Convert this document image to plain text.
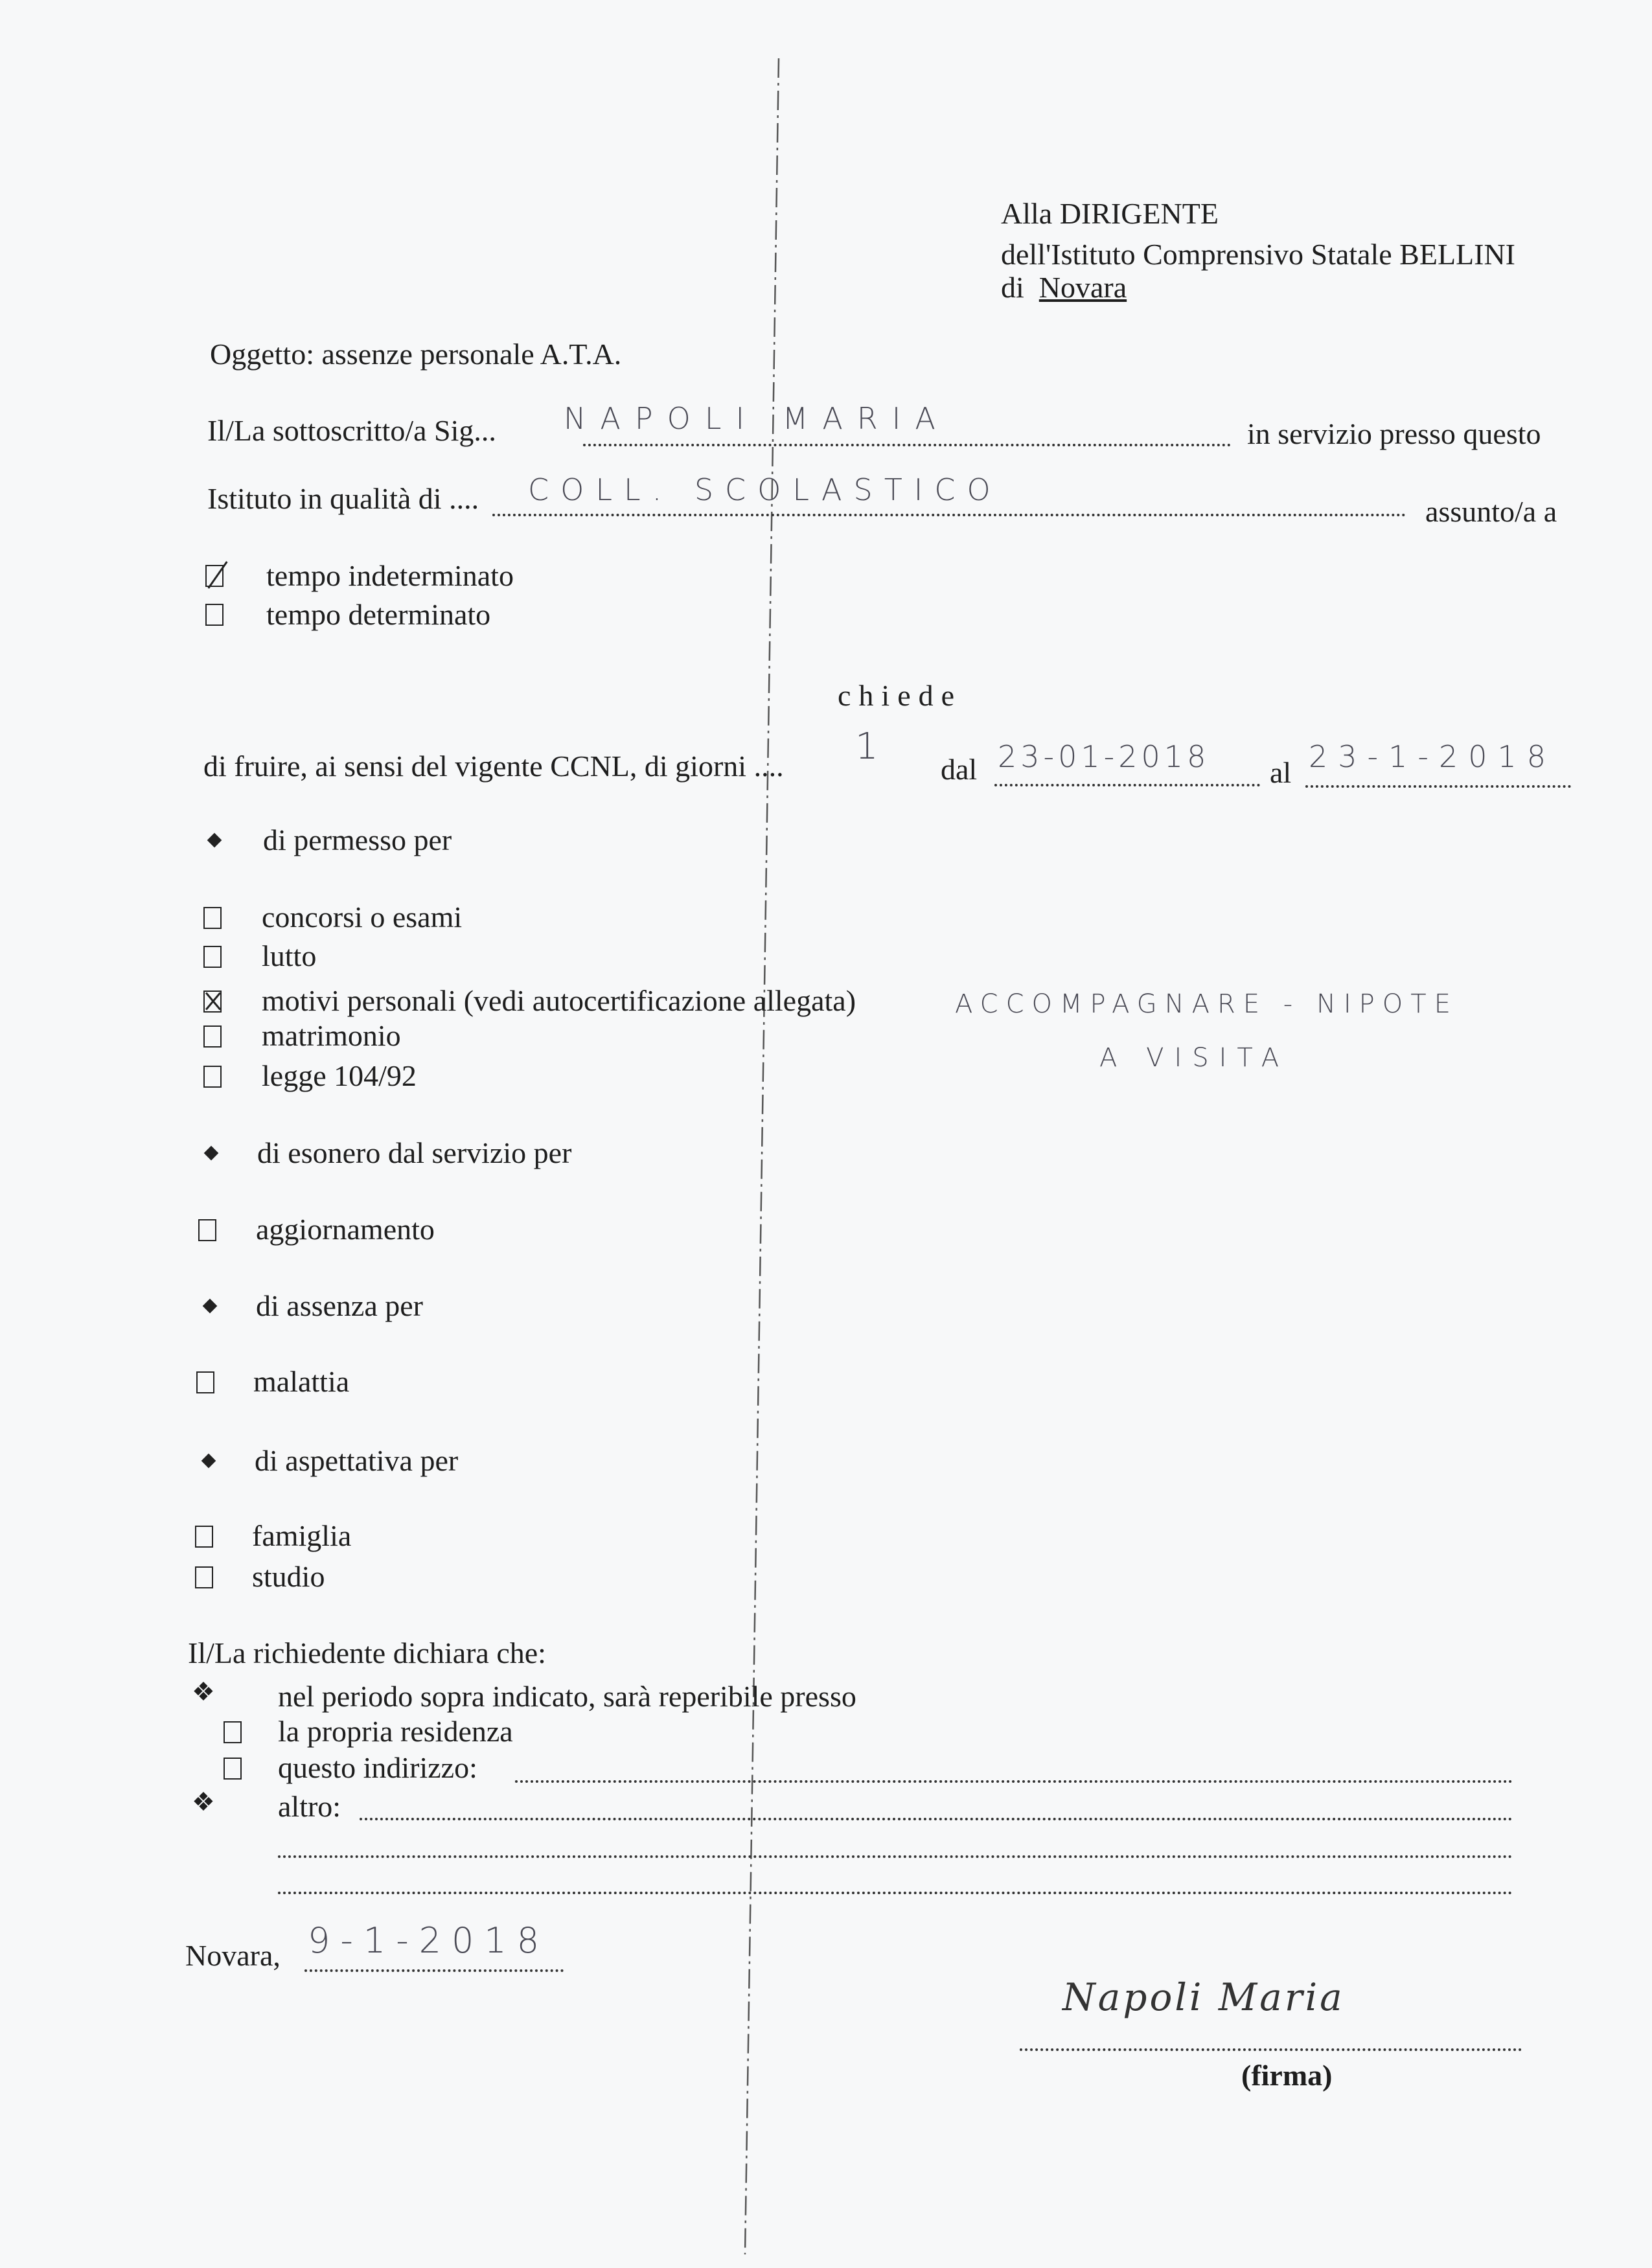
Alla DIRIGENTE
dell'Istituto Comprensivo Statale BELLINI
di Novara
Oggetto: assenze personale A.T.A.
Il/La sottoscritto/a Sig... NAPOLI MARIA	in servizio presso questo
Istituto in qualità di .... COLL. SCOLASTICO
assunto/a a
tempo indeterminato
tempo determinato
chiede
di fruire, ai sensi del vigente CCNL, di giorni .... 1
dal 23-01-2018 al 23-1-2018
di permesso per
concorsi o esami
lutto
motivi personali (vedi autocertificazione allegata)
matrimonio
legge 104/92
ACCOMPAGNARE - NIPOTE
A VISITA
di esonero dal servizio per
aggiornamento
di assenza per
malattia
di aspettativa per
famiglia
studio
Il/La richiedente dichiara che:
❖ nel periodo sopra indicato, sarà reperibile presso
la propria residenza
questo indirizzo:
❖ altro:
Novara, 9-1-2018
Napoli Maria
(firma)
